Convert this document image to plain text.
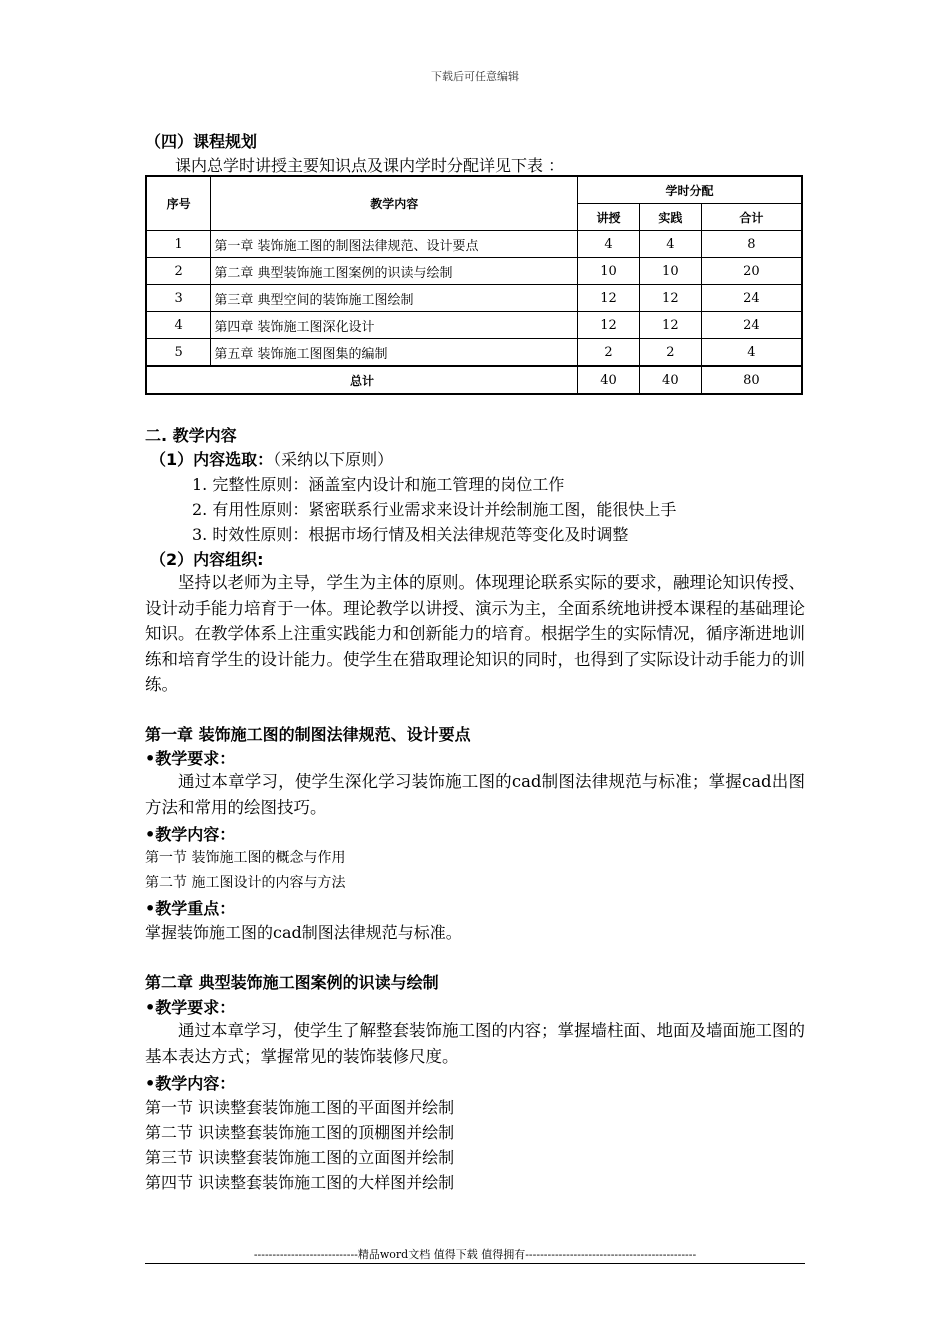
下载后可任意编辑
（四）课程规划
课内总学时讲授主要知识点及课内学时分配详见下表 ：
序号	教学内容	学时分配		
		讲授	实践	合计
1	第一章 装饰施工图的制图法律规范、设计要点	4	4	8
2	第二章 典型装饰施工图案例的识读与绘制	10	10	20
3	第三章 典型空间的装饰施工图绘制	12	12	24
4	第四章 装饰施工图深化设计	12	12	24
5	第五章 装饰施工图图集的编制	2	2	4
总计		40	40	80
二. 教学内容
（1）内容选取：（采纳以下原则）
1. 完整性原则：涵盖室内设计和施工管理的岗位工作
2. 有用性原则：紧密联系行业需求来设计并绘制施工图，能很快上手
3. 时效性原则：根据市场行情及相关法律规范等变化及时调整
（2）内容组织:
坚持以老师为主导，学生为主体的原则。体现理论联系实际的要求，融理论知识传授、设计动手能力培育于一体。理论教学以讲授、演示为主，全面系统地讲授本课程的基础理论知识。在教学体系上注重实践能力和创新能力的培育。根据学生的实际情况，循序渐进地训练和培育学生的设计能力。使学生在猎取理论知识的同时，也得到了实际设计动手能力的训练。
第一章 装饰施工图的制图法律规范、设计要点
•教学要求：
通过本章学习，使学生深化学习装饰施工图的cad制图法律规范与标准；掌握cad出图方法和常用的绘图技巧。
•教学内容：
第一节 装饰施工图的概念与作用
第二节 施工图设计的内容与方法
•教学重点：
掌握装饰施工图的cad制图法律规范与标准。
第二章 典型装饰施工图案例的识读与绘制
•教学要求：
通过本章学习，使学生了解整套装饰施工图的内容；掌握墙柱面、地面及墙面施工图的基本表达方式；掌握常见的装饰装修尺度。
•教学内容：
第一节 识读整套装饰施工图的平面图并绘制
第二节 识读整套装饰施工图的顶棚图并绘制
第三节 识读整套装饰施工图的立面图并绘制
第四节 识读整套装饰施工图的大样图并绘制
----------------------------精品word文档 值得下载 值得拥有----------------------------------------------
